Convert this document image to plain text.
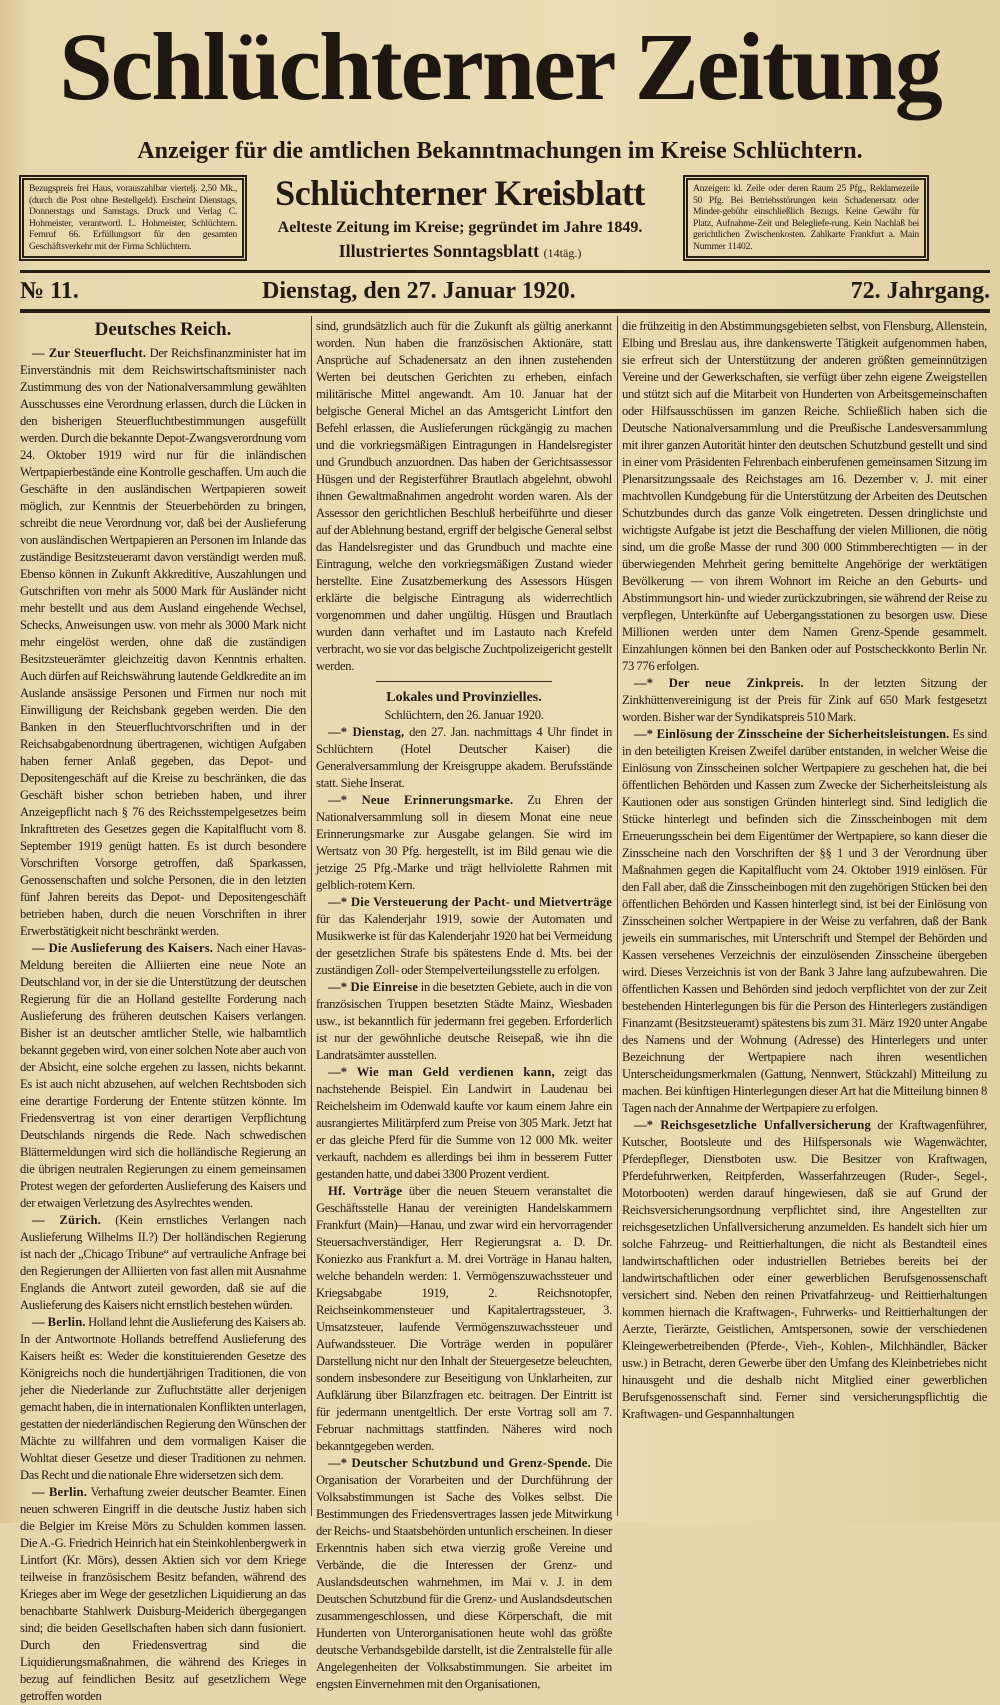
Schlüchterner Zeitung
Anzeiger für die amtlichen Bekanntmachungen im Kreise Schlüchtern.
Bezugspreis frei Haus, vorauszahlbar viertelj. 2,50 Mk., (durch die Post ohne Bestellgeld). Erscheint Dienstags, Donnerstags und Samstags. Druck und Verlag C. Hohmeister, verantwortl. L. Hohmeister, Schlüchtern. Fernruf 66. Erfüllungsort für den gesamten Geschäftsverkehr mit der Firma Schlüchtern.
Schlüchterner Kreisblatt
Aelteste Zeitung im Kreise; gegründet im Jahre 1849.
Illustriertes Sonntagsblatt (14täg.)
Anzeigen: kl. Zeile oder deren Raum 25 Pfg., Reklamezeile 50 Pfg. Bei Betriebsstörungen kein Schadenersatz oder Minder-gebühr einschließlich Bezugs. Keine Gewähr für Platz, Aufnahme-Zeit und Belegliefe-rung. Kein Nachlaß bei gerichtlichen Zwischenkosten. Zahlkarte Frankfurt a. Main Nummer 11402.
№ 11.	Dienstag, den 27. Januar 1920.	72. Jahrgang.
Deutsches Reich.

— Zur Steuerflucht. Der Reichsfinanzminister hat im Einverständnis mit dem Reichswirtschaftsminister nach Zustimmung des von der Nationalversammlung gewählten Ausschusses eine Verordnung erlassen, durch die Lücken in den bisherigen Steuerfluchtbestimmungen ausgefüllt werden. Durch die bekannte Depot-Zwangsverordnung vom 24. Oktober 1919 wird nur für die inländischen Wertpapierbestände eine Kontrolle geschaffen. Um auch die Geschäfte in den ausländischen Wertpapieren soweit möglich, zur Kenntnis der Steuerbehörden zu bringen, schreibt die neue Verordnung vor, daß bei der Auslieferung von ausländischen Wertpapieren an Personen im Inlande das zuständige Besitzsteueramt davon verständigt werden muß. Ebenso können in Zukunft Akkreditive, Auszahlungen und Gutschriften von mehr als 5000 Mark für Ausländer nicht mehr bestellt und aus dem Ausland eingehende Wechsel, Schecks, Anweisungen usw. von mehr als 3000 Mark nicht mehr eingelöst werden, ohne daß die zuständigen Besitzsteuerämter gleichzeitig davon Kenntnis erhalten. Auch dürfen auf Reichswährung lautende Geldkredite an im Auslande ansässige Personen und Firmen nur noch mit Einwilligung der Reichsbank gegeben werden. Die den Banken in den Steuerfluchtvorschriften und in der Reichsabgabenordnung übertragenen, wichtigen Aufgaben haben ferner Anlaß gegeben, das Depot- und Depositengeschäft auf die Kreise zu beschränken, die das Geschäft bisher schon betrieben haben, und ihrer Anzeigepflicht nach § 76 des Reichsstempelgesetzes beim Inkrafttreten des Gesetzes gegen die Kapitalflucht vom 8. September 1919 genügt hatten. Es ist durch besondere Vorschriften Vorsorge getroffen, daß Sparkassen, Genossenschaften und solche Personen, die in den letzten fünf Jahren bereits das Depot- und Depositengeschäft betrieben haben, durch die neuen Vorschriften in ihrer Erwerbstätigkeit nicht beschränkt werden.

— Die Auslieferung des Kaisers. Nach einer Havas-Meldung bereiten die Alliierten eine neue Note an Deutschland vor, in der sie die Unterstützung der deutschen Regierung für die an Holland gestellte Forderung nach Auslieferung des früheren deutschen Kaisers verlangen. Bisher ist an deutscher amtlicher Stelle, wie halbamtlich bekannt gegeben wird, von einer solchen Note aber auch von der Absicht, eine solche ergehen zu lassen, nichts bekannt. Es ist auch nicht abzusehen, auf welchen Rechtsboden sich eine derartige Forderung der Entente stützen könnte. Im Friedensvertrag ist von einer derartigen Verpflichtung Deutschlands nirgends die Rede. Nach schwedischen Blättermeldungen wird sich die holländische Regierung an die übrigen neutralen Regierungen zu einem gemeinsamen Protest wegen der geforderten Auslieferung des Kaisers und der etwaigen Verletzung des Asylrechtes wenden.

— Zürich. (Kein ernstliches Verlangen nach Auslieferung Wilhelms II.?) Der holländischen Regierung ist nach der „Chicago Tribune“ auf vertrauliche Anfrage bei den Regierungen der Alliierten von fast allen mit Ausnahme Englands die Antwort zuteil geworden, daß sie auf die Auslieferung des Kaisers nicht ernstlich bestehen würden.

— Berlin. Holland lehnt die Auslieferung des Kaisers ab. In der Antwortnote Hollands betreffend Auslieferung des Kaisers heißt es: Weder die konstituierenden Gesetze des Königreichs noch die hundertjährigen Traditionen, die von jeher die Niederlande zur Zufluchtstätte aller derjenigen gemacht haben, die in internationalen Konflikten unterlagen, gestatten der niederländischen Regierung den Wünschen der Mächte zu willfahren und dem vormaligen Kaiser die Wohltat dieser Gesetze und dieser Traditionen zu nehmen. Das Recht und die nationale Ehre widersetzen sich dem.

— Berlin. Verhaftung zweier deutscher Beamter. Einen neuen schweren Eingriff in die deutsche Justiz haben sich die Belgier im Kreise Mörs zu Schulden kommen lassen. Die A.-G. Friedrich Heinrich hat ein Steinkohlenbergwerk in Lintfort (Kr. Mörs), dessen Aktien sich vor dem Kriege teilweise in französischem Besitz befanden, während des Krieges aber im Wege der gesetzlichen Liquidierung an das benachbarte Stahlwerk Duisburg-Meiderich übergegangen sind; die beiden Gesellschaften haben sich dann fusioniert. Durch den Friedensvertrag sind die Liquidierungsmaßnahmen, die während des Krieges in bezug auf feindlichen Besitz auf gesetzlichem Wege getroffen worden

sind, grundsätzlich auch für die Zukunft als gültig anerkannt worden. Nun haben die französischen Aktionäre, statt Ansprüche auf Schadenersatz an den ihnen zustehenden Werten bei deutschen Gerichten zu erheben, einfach militärische Mittel angewandt. Am 10. Januar hat der belgische General Michel an das Amtsgericht Lintfort den Befehl erlassen, die Auslieferungen rückgängig zu machen und die vorkriegsmäßigen Eintragungen in Handelsregister und Grundbuch anzuordnen. Das haben der Gerichtsassessor Hüsgen und der Registerführer Brautlach abgelehnt, obwohl ihnen Gewaltmaßnahmen angedroht worden waren. Als der Assessor den gerichtlichen Beschluß herbeiführte und dieser auf der Ablehnung bestand, ergriff der belgische General selbst das Handelsregister und das Grundbuch und machte eine Eintragung, welche den vorkriegsmäßigen Zustand wieder herstellte. Eine Zusatzbemerkung des Assessors Hüsgen erklärte die belgische Eintragung als widerrechtlich vorgenommen und daher ungültig. Hüsgen und Brautlach wurden dann verhaftet und im Lastauto nach Krefeld verbracht, wo sie vor das belgische Zuchtpolizeigericht gestellt werden.

Lokales und Provinzielles.

Schlüchtern, den 26. Januar 1920.

—* Dienstag, den 27. Jan. nachmittags 4 Uhr findet in Schlüchtern (Hotel Deutscher Kaiser) die Generalversammlung der Kreisgruppe akadem. Berufsstände statt. Siehe Inserat.

—* Neue Erinnerungsmarke. Zu Ehren der Nationalversammlung soll in diesem Monat eine neue Erinnerungsmarke zur Ausgabe gelangen. Sie wird im Wertsatz von 30 Pfg. hergestellt, ist im Bild genau wie die jetzige 25 Pfg.-Marke und trägt hellviolette Rahmen mit gelblich-rotem Kern.

—* Die Versteuerung der Pacht- und Mietverträge für das Kalenderjahr 1919, sowie der Automaten und Musikwerke ist für das Kalenderjahr 1920 hat bei Vermeidung der gesetzlichen Strafe bis spätestens Ende d. Mts. bei der zuständigen Zoll- oder Stempelverteilungsstelle zu erfolgen.

—* Die Einreise in die besetzten Gebiete, auch in die von französischen Truppen besetzten Städte Mainz, Wiesbaden usw., ist bekanntlich für jedermann frei gegeben. Erforderlich ist nur der gewöhnliche deutsche Reisepaß, wie ihn die Landratsämter ausstellen.

—* Wie man Geld verdienen kann, zeigt das nachstehende Beispiel. Ein Landwirt in Laudenau bei Reichelsheim im Odenwald kaufte vor kaum einem Jahre ein ausrangiertes Militärpferd zum Preise von 305 Mark. Jetzt hat er das gleiche Pferd für die Summe von 12 000 Mk. weiter verkauft, nachdem es allerdings bei ihm in besserem Futter gestanden hatte, und dabei 3300 Prozent verdient.

Hf. Vorträge über die neuen Steuern veranstaltet die Geschäftsstelle Hanau der vereinigten Handelskammern Frankfurt (Main)—Hanau, und zwar wird ein hervorragender Steuersachverständiger, Herr Regierungsrat a. D. Dr. Koniezko aus Frankfurt a. M. drei Vorträge in Hanau halten, welche behandeln werden: 1. Vermögenszuwachssteuer und Kriegsabgabe 1919, 2. Reichsnotopfer, Reichseinkommensteuer und Kapitalertragssteuer, 3. Umsatzsteuer, laufende Vermögenszuwachssteuer und Aufwandssteuer. Die Vorträge werden in populärer Darstellung nicht nur den Inhalt der Steuergesetze beleuchten, sondern insbesondere zur Beseitigung von Unklarheiten, zur Aufklärung über Bilanzfragen etc. beitragen. Der Eintritt ist für jedermann unentgeltlich. Der erste Vortrag soll am 7. Februar nachmittags stattfinden. Näheres wird noch bekanntgegeben werden.

—* Deutscher Schutzbund und Grenz-Spende. Die Organisation der Vorarbeiten und der Durchführung der Volksabstimmungen ist Sache des Volkes selbst. Die Bestimmungen des Friedensvertrages lassen jede Mitwirkung der Reichs- und Staatsbehörden untunlich erscheinen. In dieser Erkenntnis haben sich etwa vierzig große Vereine und Verbände, die die Interessen der Grenz- und Auslandsdeutschen wahrnehmen, im Mai v. J. in dem Deutschen Schutzbund für die Grenz- und Auslandsdeutschen zusammengeschlossen, und diese Körperschaft, die mit Hunderten von Unterorganisationen heute wohl das größte deutsche Verbandsgebilde darstellt, ist die Zentralstelle für alle Angelegenheiten der Volksabstimmungen. Sie arbeitet im engsten Einvernehmen mit den Organisationen,

die frühzeitig in den Abstimmungsgebieten selbst, von Flensburg, Allenstein, Elbing und Breslau aus, ihre dankenswerte Tätigkeit aufgenommen haben, sie erfreut sich der Unterstützung der anderen größten gemeinnützigen Vereine und der Gewerkschaften, sie verfügt über zehn eigene Zweigstellen und stützt sich auf die Mitarbeit von Hunderten von Arbeitsgemeinschaften oder Hilfsausschüssen im ganzen Reiche. Schließlich haben sich die Deutsche Nationalversammlung und die Preußische Landesversammlung mit ihrer ganzen Autorität hinter den deutschen Schutzbund gestellt und sind in einer vom Präsidenten Fehrenbach einberufenen gemeinsamen Sitzung im Plenarsitzungssaale des Reichstages am 16. Dezember v. J. mit einer machtvollen Kundgebung für die Unterstützung der Arbeiten des Deutschen Schutzbundes durch das ganze Volk eingetreten. Dessen dringlichste und wichtigste Aufgabe ist jetzt die Beschaffung der vielen Millionen, die nötig sind, um die große Masse der rund 300 000 Stimmberechtigten — in der überwiegenden Mehrheit gering bemittelte Angehörige der werktätigen Bevölkerung — von ihrem Wohnort im Reiche an den Geburts- und Abstimmungsort hin- und wieder zurückzubringen, sie während der Reise zu verpflegen, Unterkünfte auf Uebergangsstationen zu besorgen usw. Diese Millionen werden unter dem Namen Grenz-Spende gesammelt. Einzahlungen können bei den Banken oder auf Postscheckkonto Berlin Nr. 73 776 erfolgen.

—* Der neue Zinkpreis. In der letzten Sitzung der Zinkhüttenvereinigung ist der Preis für Zink auf 650 Mark festgesetzt worden. Bisher war der Syndikatspreis 510 Mark.

—* Einlösung der Zinsscheine der Sicherheitsleistungen. Es sind in den beteiligten Kreisen Zweifel darüber entstanden, in welcher Weise die Einlösung von Zinsscheinen solcher Wertpapiere zu geschehen hat, die bei öffentlichen Behörden und Kassen zum Zwecke der Sicherheitsleistung als Kautionen oder aus sonstigen Gründen hinterlegt sind. Sind lediglich die Stücke hinterlegt und befinden sich die Zinsscheinbogen mit dem Erneuerungsschein bei dem Eigentümer der Wertpapiere, so kann dieser die Zinsscheine nach den Vorschriften der §§ 1 und 3 der Verordnung über Maßnahmen gegen die Kapitalflucht vom 24. Oktober 1919 einlösen. Für den Fall aber, daß die Zinsscheinbogen mit den zugehörigen Stücken bei den öffentlichen Behörden und Kassen hinterlegt sind, ist bei der Einlösung von Zinsscheinen solcher Wertpapiere in der Weise zu verfahren, daß der Bank jeweils ein summarisches, mit Unterschrift und Stempel der Behörden und Kassen versehenes Verzeichnis der einzulösenden Zinsscheine übergeben wird. Dieses Verzeichnis ist von der Bank 3 Jahre lang aufzubewahren. Die öffentlichen Kassen und Behörden sind jedoch verpflichtet von der zur Zeit bestehenden Hinterlegungen bis für die Person des Hinterlegers zuständigen Finanzamt (Besitzsteueramt) spätestens bis zum 31. März 1920 unter Angabe des Namens und der Wohnung (Adresse) des Hinterlegers und unter Bezeichnung der Wertpapiere nach ihren wesentlichen Unterscheidungsmerkmalen (Gattung, Nennwert, Stückzahl) Mitteilung zu machen. Bei künftigen Hinterlegungen dieser Art hat die Mitteilung binnen 8 Tagen nach der Annahme der Wertpapiere zu erfolgen.

—* Reichsgesetzliche Unfallversicherung der Kraftwagenführer, Kutscher, Bootsleute und des Hilfspersonals wie Wagenwächter, Pferdepfleger, Dienstboten usw. Die Besitzer von Kraftwagen, Pferdefuhrwerken, Reitpferden, Wasserfahrzeugen (Ruder-, Segel-, Motorbooten) werden darauf hingewiesen, daß sie auf Grund der Reichsversicherungsordnung verpflichtet sind, ihre Angestellten zur reichsgesetzlichen Unfallversicherung anzumelden. Es handelt sich hier um solche Fahrzeug- und Reittierhaltungen, die nicht als Bestandteil eines landwirtschaftlichen oder industriellen Betriebes bereits bei der landwirtschaftlichen oder einer gewerblichen Berufsgenossenschaft versichert sind. Neben den reinen Privatfahrzeug- und Reittierhaltungen kommen hiernach die Kraftwagen-, Fuhrwerks- und Reittierhaltungen der Aerzte, Tierärzte, Geistlichen, Amtspersonen, sowie der verschiedenen Kleingewerbetreibenden (Pferde-, Vieh-, Kohlen-, Milchhändler, Bäcker usw.) in Betracht, deren Gewerbe über den Umfang des Kleinbetriebes nicht hinausgeht und die deshalb nicht Mitglied einer gewerblichen Berufsgenossenschaft sind. Ferner sind versicherungspflichtig die Kraftwagen- und Gespannhaltungen
